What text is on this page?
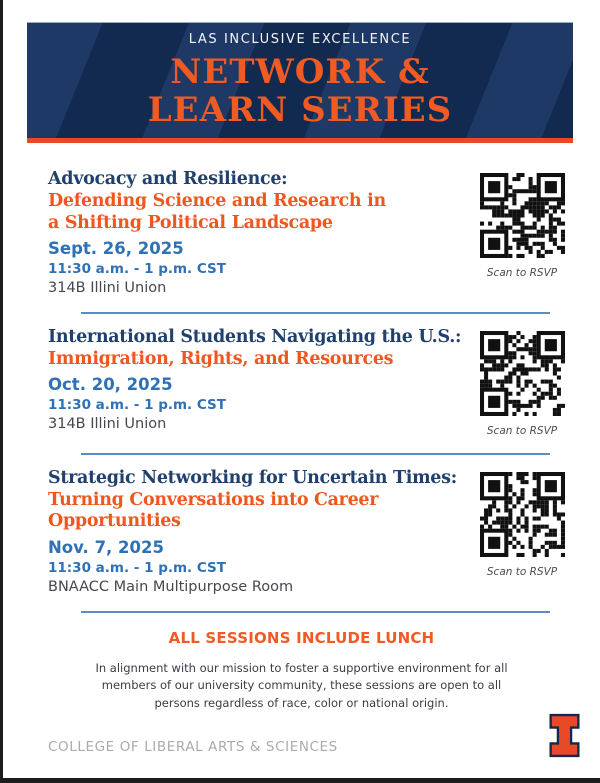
LAS INCLUSIVE EXCELLENCE
NETWORK &
LEARN SERIES
Advocacy and Resilience:
Defending Science and Research in a Shifting Political Landscape
Sept. 26, 2025
11:30 a.m. - 1 p.m. CST
314B Illini Union
Scan to RSVP
International Students Navigating the U.S.:
Immigration, Rights, and Resources
Oct. 20, 2025
11:30 a.m. - 1 p.m. CST
314B Illini Union	Scan to RSVP
Strategic Networking for Uncertain Times:
Turning Conversations into Career Opportunities
Nov. 7, 2025
11:30 a.m. - 1 p.m. CST
BNAACC Main Multipurpose Room
Scan to RSVP
ALL SESSIONS INCLUDE LUNCH

In alignment with our mission to foster a supportive environment for all members of our university community, these sessions are open to all persons regardless of race, color or national origin.

COLLEGE OF LIBERAL ARTS & SCIENCES
